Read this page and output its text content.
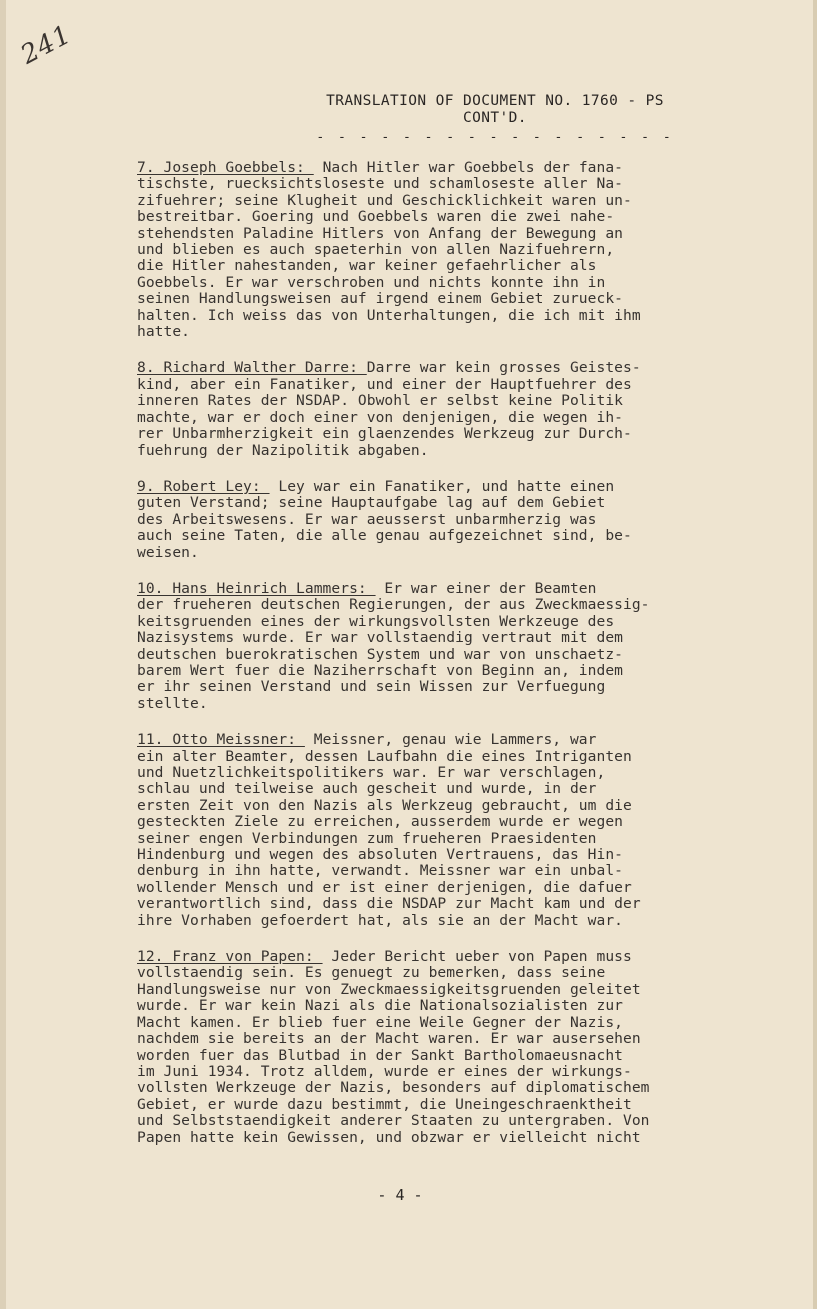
241
TRANSLATION OF DOCUMENT NO. 1760 - PS
CONT'D.
- - - - - - - - - - - - - - - - -
7. Joseph Goebbels:  Nach Hitler war Goebbels der fana-
tischste, ruecksichtsloseste und schamloseste aller Na-
zifuehrer; seine Klugheit und Geschicklichkeit waren un-
bestreitbar. Goering und Goebbels waren die zwei nahe-
stehendsten Paladine Hitlers von Anfang der Bewegung an
und blieben es auch spaeterhin von allen Nazifuehrern,
die Hitler nahestanden, war keiner gefaehrlicher als
Goebbels. Er war verschroben und nichts konnte ihn in
seinen Handlungsweisen auf irgend einem Gebiet zurueck-
halten. Ich weiss das von Unterhaltungen, die ich mit ihm
hatte.
8. Richard Walther Darre: Darre war kein grosses Geistes-
kind, aber ein Fanatiker, und einer der Hauptfuehrer des
inneren Rates der NSDAP. Obwohl er selbst keine Politik
machte, war er doch einer von denjenigen, die wegen ih-
rer Unbarmherzigkeit ein glaenzendes Werkzeug zur Durch-
fuehrung der Nazipolitik abgaben.
9. Robert Ley:  Ley war ein Fanatiker, und hatte einen
guten Verstand; seine Hauptaufgabe lag auf dem Gebiet
des Arbeitswesens. Er war aeusserst unbarmherzig was
auch seine Taten, die alle genau aufgezeichnet sind, be-
weisen.
10. Hans Heinrich Lammers:  Er war einer der Beamten
der frueheren deutschen Regierungen, der aus Zweckmaessig-
keitsgruenden eines der wirkungsvollsten Werkzeuge des
Nazisystems wurde. Er war vollstaendig vertraut mit dem
deutschen buerokratischen System und war von unschaetz-
barem Wert fuer die Naziherrschaft von Beginn an, indem
er ihr seinen Verstand und sein Wissen zur Verfuegung
stellte.
11. Otto Meissner:  Meissner, genau wie Lammers, war
ein alter Beamter, dessen Laufbahn die eines Intriganten
und Nuetzlichkeitspolitikers war. Er war verschlagen,
schlau und teilweise auch gescheit und wurde, in der
ersten Zeit von den Nazis als Werkzeug gebraucht, um die
gesteckten Ziele zu erreichen, ausserdem wurde er wegen
seiner engen Verbindungen zum frueheren Praesidenten
Hindenburg und wegen des absoluten Vertrauens, das Hin-
denburg in ihn hatte, verwandt. Meissner war ein unbal-
wollender Mensch und er ist einer derjenigen, die dafuer
verantwortlich sind, dass die NSDAP zur Macht kam und der
ihre Vorhaben gefoerdert hat, als sie an der Macht war.
12. Franz von Papen:  Jeder Bericht ueber von Papen muss
vollstaendig sein. Es genuegt zu bemerken, dass seine
Handlungsweise nur von Zweckmaessigkeitsgruenden geleitet
wurde. Er war kein Nazi als die Nationalsozialisten zur
Macht kamen. Er blieb fuer eine Weile Gegner der Nazis,
nachdem sie bereits an der Macht waren. Er war ausersehen
worden fuer das Blutbad in der Sankt Bartholomaeusnacht
im Juni 1934. Trotz alldem, wurde er eines der wirkungs-
vollsten Werkzeuge der Nazis, besonders auf diplomatischem
Gebiet, er wurde dazu bestimmt, die Uneingeschraenktheit
und Selbststaendigkeit anderer Staaten zu untergraben. Von
Papen hatte kein Gewissen, und obzwar er vielleicht nicht
- 4 -
